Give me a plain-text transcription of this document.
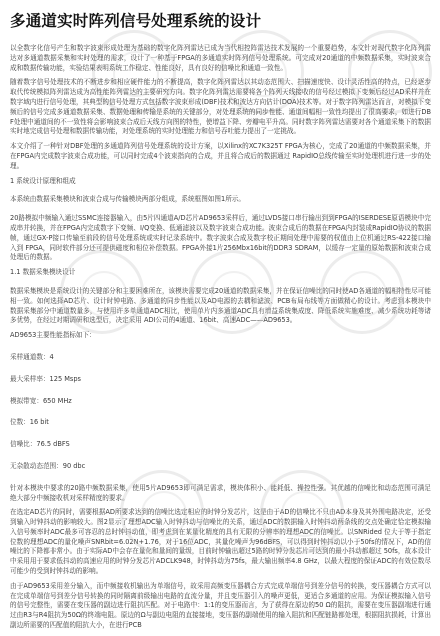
多通道实时阵列信号处理系统的设计

以全数字化信号产生和数字波束形成处理为基础的数字化阵列雷达已成为当代相控阵雷达技术发展的一个重要趋势，本文针对现代数字化阵列雷达对多通道数据采集和实时处理的需求，设计了一种基于FPGA的多通道实时阵列信号处理系统。可完成对20通道的中频数据采集，实时波束合成和数据传输功能，实验结果表明系统工作稳定、性能良好，具有良好的信噪比和通道一致性。

随着数字信号处理技术的不断进步和相应硬件能力的不断提高，数字化阵列雷达以其动态范围大、扫描速度快、设计灵活性高的特点，已经逐步取代传统模拟阵列雷达成为高性能阵列雷达的主要研究方向。数字化阵列雷达需要将各个阵列天线接收的信号经过模拟下变频后经过AD采样并在数字域内进行信号处理，其典型的信号处理方式包括数字波束形成(DBF)技术和波达方向估计(DOA)技术等。对于数字阵列雷达而言，对模拟下变频后的信号完成多通道数据采集、数据处理和传输是系统的关键部分，对处理系统的同步性能、通道间幅相一致性均提出了很高要求，如进行DBF处理中通道间的不一致性将会影响波束合成后天线方向图的特性，使增益下降、旁瓣电平升高。同时数字阵列雷达需要对各个通道采集下的数据实时地完成信号处理和数据传输功能，对处理系统的实时处理能力和信号吞吐能力提出了一定挑战。

本文介绍了一种针对DBF处理的多通道阵列信号处理系统的设计方案，以Xilinx的XC7K325T FPGA为核心，完成了20通道的中频数据采集，并在FPGA内完成数字波束合成功能，可以同时完成4个波束指向的合成，并且将合成后的数据通过 RapidIO总线传输至实时处理机进行进一步的处理。

1 系统设计原理和组成

本系统由数据采集模块和波束合成与传输模块两部分组成，系统框图如图1所示。

20路模拟中频输入通过SSMC连接器输入，由5片四通道A/D芯片AD9653采样后，通过LVDS接口串行输出到到FPGA的ISERDESE原语模块中完成串并转换，并在FPGA内完成数字下变频、I/Q变换、低通滤波以及数字波束合成功能。波束合成后的数据在FPGA内封装成RapidIO协议的数据帧，通过GX-P接口传输至前段的信号处理系统或实时记录系统中。数字波束合成及数字校正期间处理中需要的权值由上位机通过RS-422接口输入到 FPGA，同时软件部分还可提供磁度和相位补偿数据。FPGA外接1片256Mbx16bit的DDR3 SDRAM，以缓存一定量的原始数据和波束合成处理后的数据。

1.1 数据采集模块设计

数据采集模块是系统设计的关键部分和主要困难所在，该模块需要完成20通道的数据采集，并在保证信噪比的同时使AD各通道的幅相特性尽可能相一致。如何选择AD芯片、设计时钟电路、多通道的同步性能以及AD电源的去耦和滤波、PCB布局布线等方面做精心的设计。考虑到本模块中数据采集部分中通道数量多，与使用许多单通道ADC相比，使用单片内多通道ADC具有增益系统集成度、降低系统实施难度、减少系统功耗等诸多优势，在经过对期调研和选型后，决定采用 ADI公司的4通道、16bit、高速ADC——AD9653。

AD9653主要性能指标如下：
采样通道数：4
最大采样率：125 Msps
模拟带宽：650 MHz
位数：16 bit
信噪比：76.5 dBFS
无杂散动态范围：90 dbc

针对本模块中要求的20路中频数据采集，使用5片AD9653即可满足需求，模块体积小、能耗低、操控性强。其优越的信噪比和动态范围可满足绝大部分中频接收机对采样精度的要求。

在选定AD芯片的同时，需要根据AD所要求达到的信噪比选定相应的时钟分发芯片，这是由于AD的信噪比不只由AD本身及其外围电路决定，还受到输入时钟抖动的影响较大。图2显示了理想ADC输入时钟抖动与信噪比的关系，通过ADC的数据输入时钟抖动两条线的交点处确定恰定模拟输入信号频率时ADC最多可容忍的总时钟抖动值，即考虑到在某量化精度的具有无限的分辨率的理想ADC的信噪比。以SNRided 位大于等于指定位数的理想ADC的量化噪声SNRbit=6.02N+1.76，对于16位ADC，其量化噪声为96dBFS，可以得到时钟抖动以小于50fs的情况下，AD的信噪比的下降都非常小。由于实际AD中会存在量化和量间的量级，目前时钟输出超过5路的时钟分发芯片可达到的最小抖动都超过 50fs，故本设计中采用用于要求低抖动的高速应用的时钟分发芯片ADCLK948，时钟抖动为75fs，最大输出频率4.8 GHz，以最大程度的保证ADC的有效位数尽可能少的受到时钟抖动的影响。

由于AD9653采用差分输入，而中频接收机输出为单端信号，故采用高频变压器耦合方式完成单端信号到差分信号的转换，变压器耦合方式可以在完成单端信号到差分信号转换的同时隔离前级输出电路的直流分量，并且变压器引入的噪声更低，更适合多通道的应用。为保证模拟输入信号的信号完整性，需要在变压器的副边进行阻抗匹配。对于电路中：1:1的变压器而言，为了获得在原边的50 Ω的阻抗，需要在变压器副端进行通过由R3与R4阻抗为50Ω的终端电阻。原边的Ω与副边电阻的直接接地，变压器的副端使用的输入阻抗和匹配链路都处理，根据阻抗损耗，计算出副边所需要的匹配值的阻抗大小，在进行PCB
